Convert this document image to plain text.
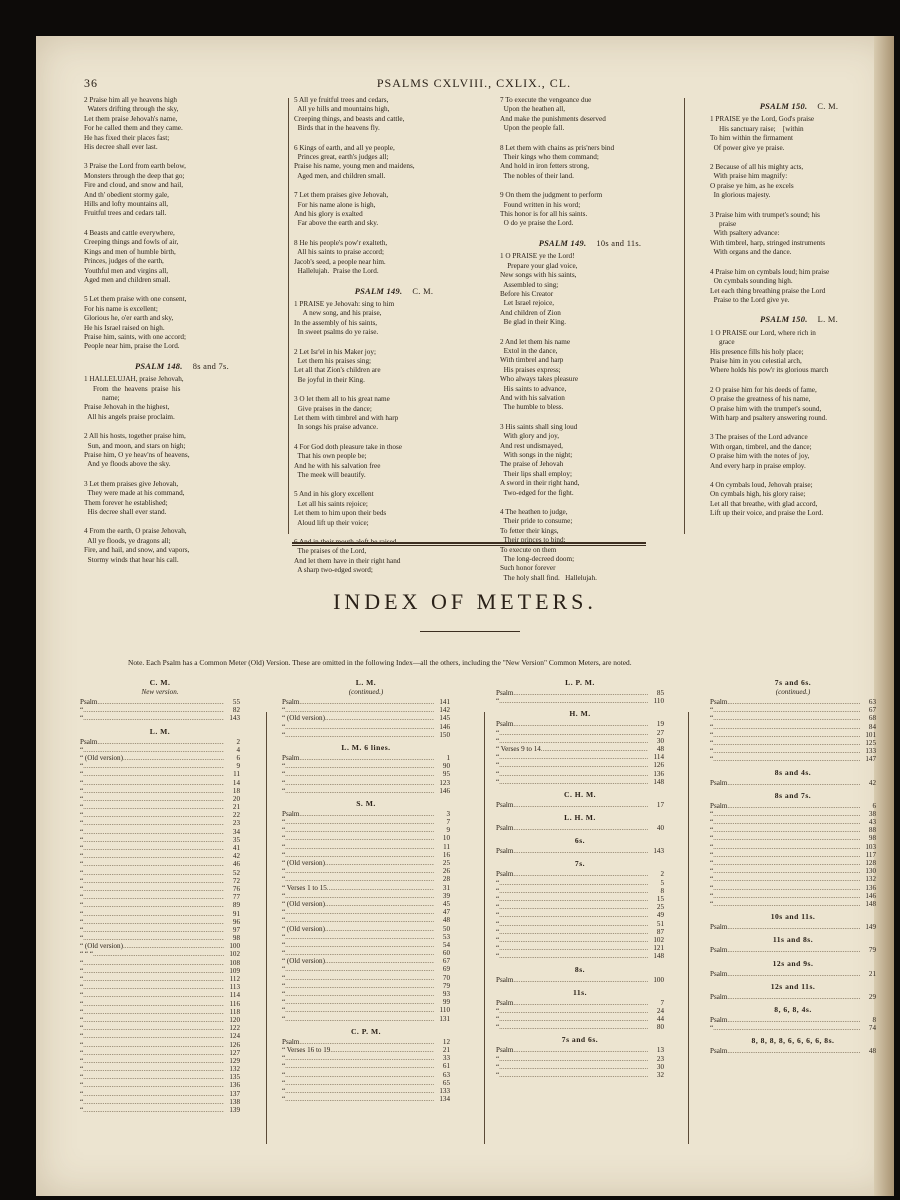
36	PSALMS CXLVIII., CXLIX., CL.
2 Praise him all ye heavens high
Waters drifting through the sky,
Let them praise Jehovah's name,
For he called them and they came.
He has fixed their places fast;
His decree shall ever last.
3 Praise the Lord from earth below,
Monsters through the deep that go;
Fire and cloud, and snow and hail,
And th' obedient stormy gale,
Hills and lofty mountains all,
Fruitful trees and cedars tall.
4 Beasts and cattle everywhere,
Creeping things and fowls of air,
Kings and men of humble birth,
Princes, judges of the earth,
Youthful men and virgins all,
Aged men and children small.
5 Let them praise with one consent,
For his name is excellent;
Glorious he, o'er earth and sky,
He his Israel raised on high.
Praise him, saints, with one accord;
People near him, praise the Lord.
PSALM 148. 8s and 7s.
1 HALLELUJAH, praise Jehovah,
From  the  heavens  praise  his
name;
Praise Jehovah in the highest,
All his angels praise proclaim.
2 All his hosts, together praise him,
Sun, and moon, and stars on high;
Praise him, O ye heav'ns of heavens,
And ye floods above the sky.
3 Let them praises give Jehovah,
They were made at his command,
Them forever he established;
His decree shall ever stand.
4 From the earth, O praise Jehovah,
All ye floods, ye dragons all;
Fire, and hail, and snow, and vapors,
Stormy winds that hear his call.
5 All ye fruitful trees and cedars,
All ye hills and mountains high,
Creeping things, and beasts and cattle,
Birds that in the heavens fly.
6 Kings of earth, and all ye people,
Princes great, earth's judges all;
Praise his name, young men and maidens,
Aged men, and children small.
7 Let them praises give Jehovah,
For his name alone is high,
And his glory is exalted
Far above the earth and sky.
8 He his people's pow'r exalteth,
All his saints to praise accord;
Jacob's seed, a people near him.
Hallelujah.  Praise the Lord.
PSALM 149. C. M.
1 PRAISE ye Jehovah: sing to him
A new song, and his praise,
In the assembly of his saints,
In sweet psalms do ye raise.
2 Let Isr'el in his Maker joy;
Let them his praises sing;
Let all that Zion's children are
Be joyful in their King.
3 O let them all to his great name
Give praises in the dance;
Let them with timbrel and with harp
In songs his praise advance.
4 For God doth pleasure take in those
That his own people be;
And he with his salvation free
The meek will beautify.
5 And in his glory excellent
Let all his saints rejoice;
Let them to him upon their beds
Aloud lift up their voice;
6 And in their mouth aloft be raised
The praises of the Lord,
And let them have in their right hand
A sharp two-edged sword;
7 To execute the vengeance due
Upon the heathen all,
And make the punishments deserved
Upon the people fall.
8 Let them with chains as pris'ners bind
Their kings who them command;
And hold in iron fetters strong,
The nobles of their land.
9 On them the judgment to perform
Found written in his word;
This honor is for all his saints.
O do ye praise the Lord.
PSALM 149. 10s and 11s.
1 O PRAISE ye the Lord!
Prepare your glad voice,
New songs with his saints,
Assembled to sing;
Before his Creator
Let Israel rejoice,
And children of Zion
Be glad in their King.
2 And let them his name
Extol in the dance,
With timbrel and harp
His praises express;
Who always takes pleasure
His saints to advance,
And with his salvation
The humble to bless.
3 His saints shall sing loud
With glory and joy,
And rest undismayed,
With songs in the night;
The praise of Jehovah
Their lips shall employ;
A sword in their right hand,
Two-edged for the fight.
4 The heathen to judge,
Their pride to consume;
To fetter their kings,
Their princes to bind;
To execute on them
The long-decreed doom;
Such honor forever
The holy shall find.   Hallelujah.
PSALM 150. C. M.
1 PRAISE ye the Lord, God's praise
His sanctuary raise;    [within
To him within the firmament
Of power give ye praise.
2 Because of all his mighty acts,
With praise him magnify:
O praise ye him, as he excels
In glorious majesty.
3 Praise him with trumpet's sound; his
praise
With psaltery advance:
With timbrel, harp, stringed instruments
With organs and the dance.
4 Praise him on cymbals loud; him praise
On cymbals sounding high.
Let each thing breathing praise the Lord
Praise to the Lord give ye.
PSALM 150. L. M.
1 O PRAISE our Lord, where rich in
grace
His presence fills his holy place;
Praise him in you celestial arch,
Where holds his pow'r its glorious march
2 O praise him for his deeds of fame,
O praise the greatness of his name,
O praise him with the trumpet's sound,
With harp and psaltery answering round.
3 The praises of the Lord advance
With organ, timbrel, and the dance;
O praise him with the notes of joy,
And every harp in praise employ.
4 On cymbals loud, Jehovah praise;
On cymbals high, his glory raise;
Let all that breathe, with glad accord,
Lift up their voice, and praise the Lord.
INDEX OF METERS.
Note. Each Psalm has a Common Meter (Old) Version. These are omitted in the following Index—all the others, including the "New Version" Common Meters, are noted.
C. M.
New version.
Psalm .....	55
“ .....	82
“ .....	143
L. M.
Psalm .....	2
“ .....	4
“ (Old version) .....	6
“ .....	9
“ .....	11
“ .....	14
“ .....	18
“ .....	20
“ .....	21
“ .....	22
“ .....	23
“ .....	34
“ .....	35
“ .....	41
“ .....	42
“ .....	46
“ .....	52
“ .....	72
“ .....	76
“ .....	77
“ .....	89
“ .....	91
“ .....	96
“ .....	97
“ .....	98
“ (Old version) .....	100
“ “ “ .....	102
“ .....	108
“ .....	109
“ .....	112
“ .....	113
“ .....	114
“ .....	116
“ .....	118
“ .....	120
“ .....	122
“ .....	124
“ .....	126
“ .....	127
“ .....	129
“ .....	132
“ .....	135
“ .....	136
“ .....	137
“ .....	138
“ .....	139
L. M.
(continued.)
Psalm .....	141
“ .....	142
“ (Old version) .....	145
“ .....	146
“ .....	150
L. M. 6 lines.
Psalm .....	1
“ .....	90
“ .....	95
“ .....	123
“ .....	146
S. M.
Psalm .....	3
“ .....	7
“ .....	9
“ .....	10
“ .....	11
“ .....	16
“ (Old version) .....	25
“ .....	26
“ .....	28
“ Verses 1 to 15 .....	31
“ .....	39
“ (Old version) .....	45
“ .....	47
“ .....	48
“ (Old version) .....	50
“ .....	53
“ .....	54
“ .....	60
“ (Old version) .....	67
“ .....	69
“ .....	70
“ .....	79
“ .....	93
“ .....	99
“ .....	110
“ .....	131
C. P. M.
Psalm .....	12
“ Verses 16 to 19 .....	21
“ .....	33
“ .....	61
“ .....	63
“ .....	65
“ .....	133
“ .....	134
L. P. M.
Psalm .....	85
“ .....	110
H. M.
Psalm .....	19
“ .....	27
“ .....	30
“ Verses 9 to 14 .....	48
“ .....	114
“ .....	126
“ .....	136
“ .....	148
C. H. M.
Psalm .....	17
L. H. M.
Psalm .....	40
6s.
Psalm .....	143
7s.
Psalm .....	2
“ .....	5
“ .....	8
“ .....	15
“ .....	25
“ .....	49
“ .....	51
“ .....	87
“ .....	102
“ .....	121
“ .....	148
8s.
Psalm .....	100
11s.
Psalm .....	7
“ .....	24
“ .....	44
“ .....	80
7s and 6s.
Psalm .....	13
“ .....	23
“ .....	30
“ .....	32
7s and 6s.
(continued.)
Psalm .....	63
“ .....	67
“ .....	68
“ .....	84
“ .....	101
“ .....	125
“ .....	133
“ .....	147
8s and 4s.
Psalm .....	42
8s and 7s.
Psalm .....	6
“ .....	38
“ .....	43
“ .....	88
“ .....	98
“ .....	103
“ .....	117
“ .....	128
“ .....	130
“ .....	132
“ .....	136
“ .....	146
“ .....	148
10s and 11s.
Psalm .....	149
11s and 8s.
Psalm .....	79
12s and 9s.
Psalm .....	21
12s and 11s.
Psalm .....	29
8, 6, 8, 4s.
Psalm .....	8
“ .....	74
8, 8, 8, 8, 6, 6, 6, 6, 8s.
Psalm .....	48
